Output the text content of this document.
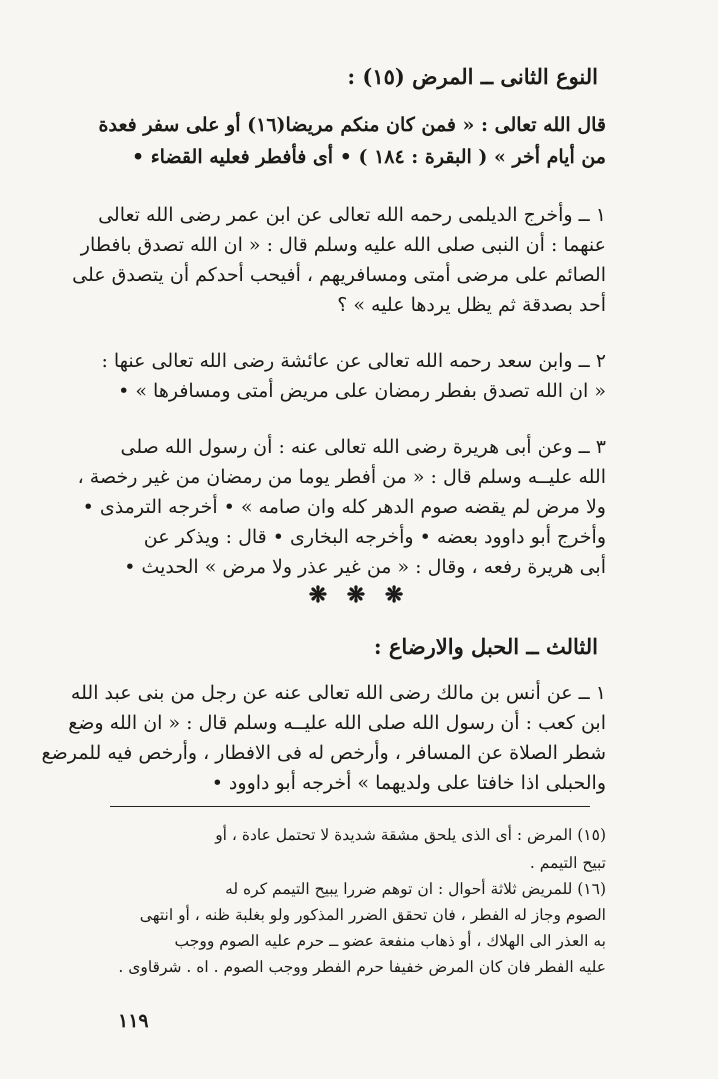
النوع الثانى ــ المرض (١٥) :
قال الله تعالى : « فمن كان منكم مريضا(١٦) أو على سفر فعدة
من أيام أخر » ( البقرة : ١٨٤ ) • أى فأفطر فعليه القضاء •
١ ــ وأخرج الديلمى رحمه الله تعالى عن ابن عمر رضى الله تعالى
عنهما : أن النبى صلى الله عليه وسلم قال : « ان الله تصدق بافطار
الصائم على مرضى أمتى ومسافريهم ، أفيحب أحدكم أن يتصدق على
أحد بصدقة ثم يظل يردها عليه » ؟
٢ ــ وابن سعد رحمه الله تعالى عن عائشة رضى الله تعالى عنها :
« ان الله تصدق بفطر رمضان على مريض أمتى ومسافرها » •
٣ ــ وعن أبى هريرة رضى الله تعالى عنه : أن رسول الله صلى
الله عليــه وسلم قال : « من أفطر يوما من رمضان من غير رخصة ،
ولا مرض لم يقضه صوم الدهر كله وان صامه » • أخرجه الترمذى •
وأخرج أبو داوود بعضه • وأخرجه البخارى • قال : ويذكر عن
أبى هريرة رفعه ، وقال : « من غير عذر ولا مرض » الحديث •
❋ ❋ ❋
الثالث ــ الحبل والارضاع :
١ ــ عن أنس بن مالك رضى الله تعالى عنه عن رجل من بنى عبد الله
ابن كعب : أن رسول الله صلى الله عليــه وسلم قال : « ان الله وضع
شطر الصلاة عن المسافر ، وأرخص له فى الافطار ، وأرخص فيه للمرضع
والحبلى اذا خافتا على ولديهما » أخرجه أبو داوود •
(١٥) المرض : أى الذى يلحق مشقة شديدة لا تحتمل عادة ، أو
تبيح التيمم .
(١٦) للمريض ثلاثة أحوال : ان توهم ضررا يبيح التيمم كره له
الصوم وجاز له الفطر ، فان تحقق الضرر المذكور ولو بغلبة ظنه ، أو انتهى
به العذر الى الهلاك ، أو ذهاب منفعة عضو ــ حرم عليه الصوم ووجب
عليه الفطر فان كان المرض خفيفا حرم الفطر ووجب الصوم . اه . شرقاوى .
١١٩
